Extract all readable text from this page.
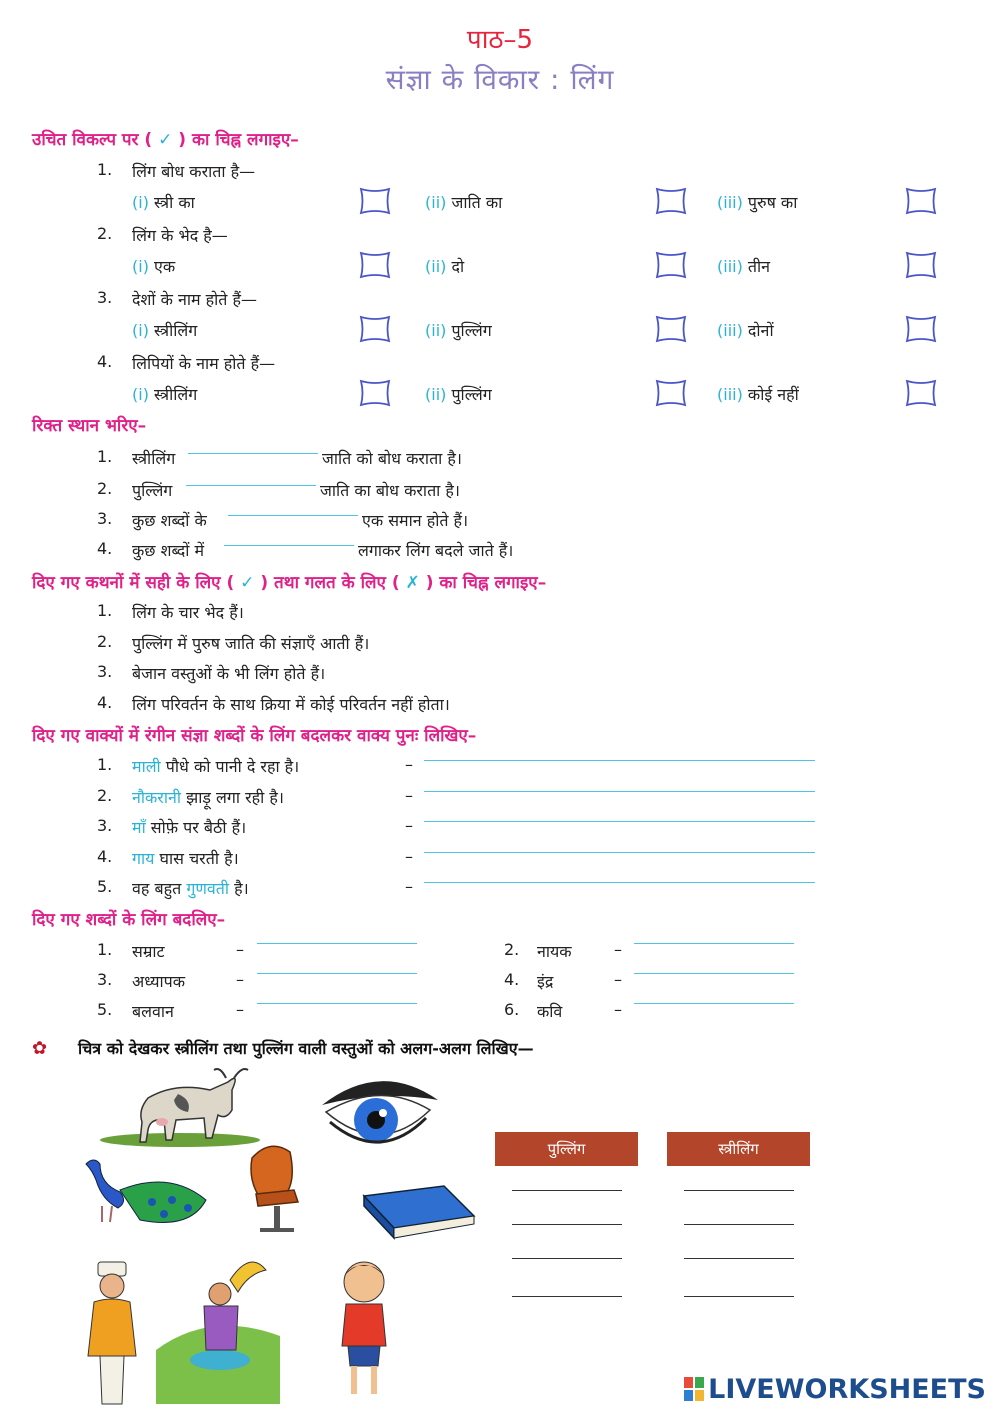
पाठ–5
संज्ञा के विकार : लिंग
उचित विकल्प पर ( ✓ ) का चिह्न लगाइए–
1. लिंग बोध कराता है—
(i) स्त्री का	(ii) जाति का	(iii) पुरुष का
2. लिंग के भेद है—
(i) एक	(ii) दो	(iii) तीन
3. देशों के नाम होते हैं—
(i) स्त्रीलिंग	(ii) पुल्लिंग	(iii) दोनों
4. लिपियों के नाम होते हैं—
(i) स्त्रीलिंग	(ii) पुल्लिंग	(iii) कोई नहीं
रिक्त स्थान भरिए–
1. स्त्रीलिंग	जाति को बोध कराता है।
2. पुल्लिंग	जाति का बोध कराता है।
3. कुछ शब्दों के	एक समान होते हैं।
4. कुछ शब्दों में	लगाकर लिंग बदले जाते हैं।
दिए गए कथनों में सही के लिए ( ✓ ) तथा गलत के लिए ( ✗ ) का चिह्न लगाइए–
1. लिंग के चार भेद हैं।
2. पुल्लिंग में पुरुष जाति की संज्ञाएँ आती हैं।
3. बेजान वस्तुओं के भी लिंग होते हैं।
4. लिंग परिवर्तन के साथ क्रिया में कोई परिवर्तन नहीं होता।
दिए गए वाक्यों में रंगीन संज्ञा शब्दों के लिंग बदलकर वाक्य पुनः लिखिए–
1. माली पौधे को पानी दे रहा है।	–
2. नौकरानी झाड़ू लगा रही है।	–
3. माँ सोफ़े पर बैठी हैं।	–
4. गाय घास चरती है।	–
5. वह बहुत गुणवती है।	–
दिए गए शब्दों के लिंग बदलिए–
1. सम्राट	–	2. नायक	–
3. अध्यापक	–	4. इंद्र	–
5. बलवान	–	6. कवि	–
✿ चित्र को देखकर स्त्रीलिंग तथा पुल्लिंग वाली वस्तुओं को अलग-अलग लिखिए—
पुल्लिंग	स्त्रीलिंग
LIVEWORKSHEETS
